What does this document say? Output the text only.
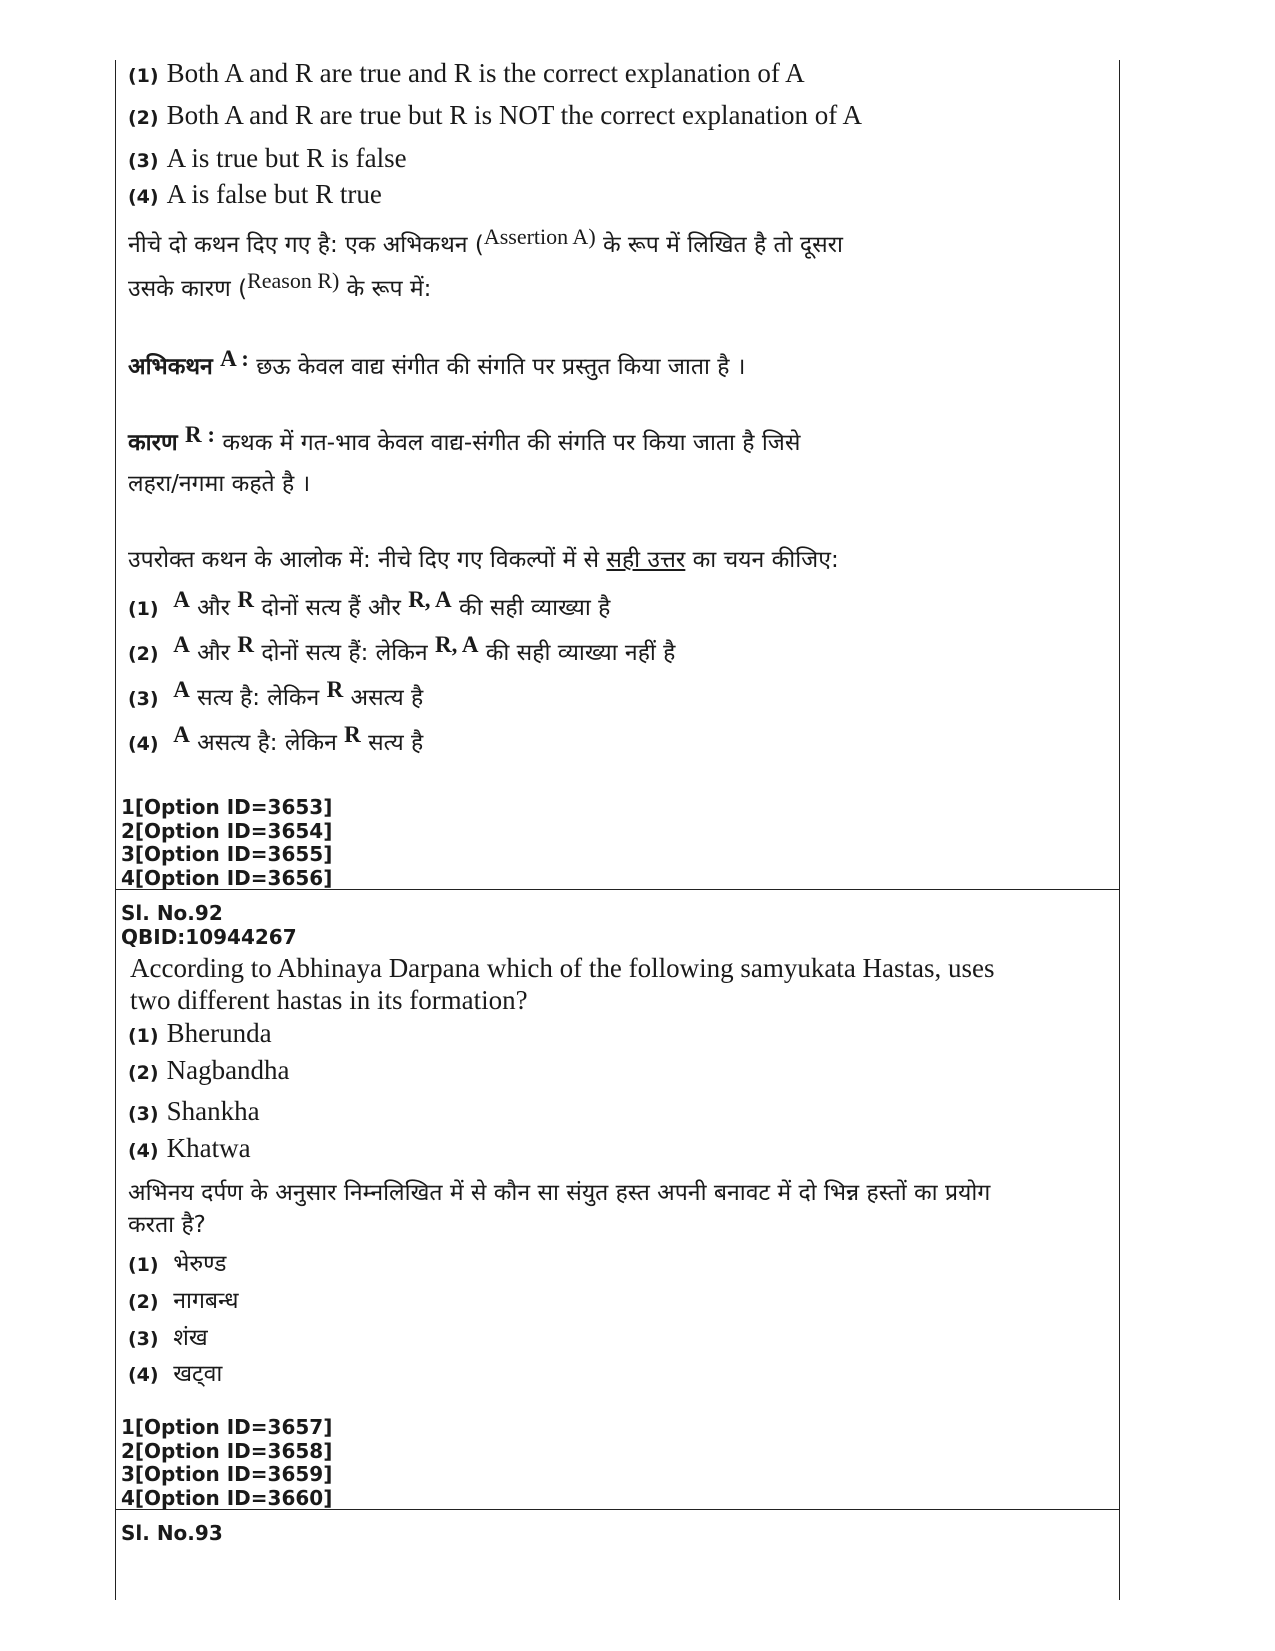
(1) Both A and R are true and R is the correct explanation of A
(2) Both A and R are true but R is NOT the correct explanation of A
(3) A is true but R is false
(4) A is false but R true
नीचे दो कथन दिए गए है: एक अभिकथन ($^{Assertion A)}$ के रूप में लिखित है तो दूसरा
उसके कारण ($^{Reason R)}$ के रूप में:
अभिकथन $^{A :}$ छऊ केवल वाद्य संगीत की संगति पर प्रस्तुत किया जाता है ।
कारण $^{R :}$ कथक में गत-भाव केवल वाद्य-संगीत की संगति पर किया जाता है जिसे
लहरा/नगमा कहते है ।
उपरोक्त कथन के आलोक में: नीचे दिए गए विकल्पों में से सही उत्तर का चयन कीजिए:
(1) $^A$ और $^R$ दोनों सत्य हैं और $^{R, A}$ की सही व्याख्या है
(2) $^A$ और $^R$ दोनों सत्य हैं: लेकिन $^{R, A}$ की सही व्याख्या नहीं है
(3) $^A$ सत्य है: लेकिन $^R$ असत्य है
(4) $^A$ असत्य है: लेकिन $^R$ सत्य है
1[Option ID=3653]
2[Option ID=3654]
3[Option ID=3655]
4[Option ID=3656]
Sl. No.92
QBID:10944267
According to Abhinaya Darpana which of the following samyukata Hastas, uses
two different hastas in its formation?
(1) Bherunda
(2) Nagbandha
(3) Shankha
(4) Khatwa
अभिनय दर्पण के अनुसार निम्नलिखित में से कौन सा संयुत हस्त अपनी बनावट में दो भिन्न हस्तों का प्रयोग
करता है?
(1) भेरुण्ड
(2) नागबन्ध
(3) शंख
(4) खट्वा
1[Option ID=3657]
2[Option ID=3658]
3[Option ID=3659]
4[Option ID=3660]
Sl. No.93
